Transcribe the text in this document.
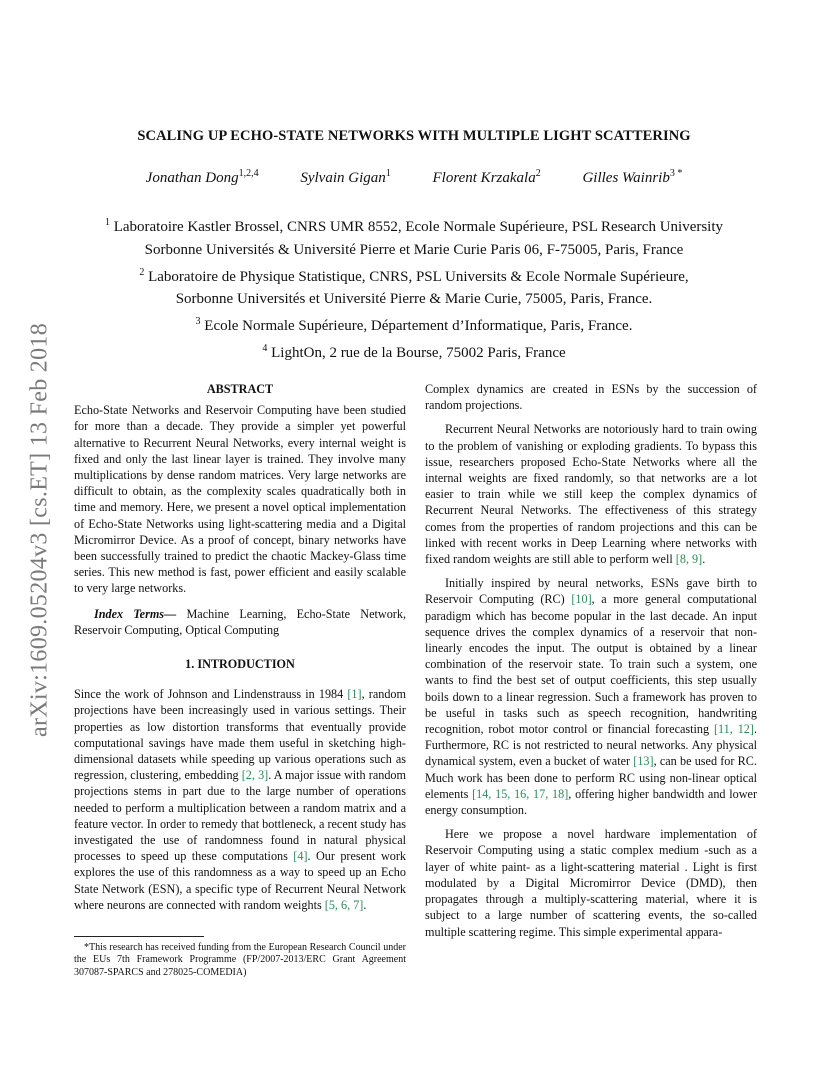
arXiv:1609.05204v3 [cs.ET] 13 Feb 2018
SCALING UP ECHO-STATE NETWORKS WITH MULTIPLE LIGHT SCATTERING
Jonathan Dong$^{1,2,4}$	Sylvain Gigan$^1$	Florent Krzakala$^2$	Gilles Wainrib$^{3 *}$
$^1$ Laboratoire Kastler Brossel, CNRS UMR 8552, Ecole Normale Supérieure, PSL Research University
Sorbonne Universités & Université Pierre et Marie Curie Paris 06, F-75005, Paris, France
$^2$ Laboratoire de Physique Statistique, CNRS, PSL Universits & Ecole Normale Supérieure,
Sorbonne Universités et Université Pierre & Marie Curie, 75005, Paris, France.
$^3$ Ecole Normale Supérieure, Département d’Informatique, Paris, France.
$^4$ LightOn, 2 rue de la Bourse, 75002 Paris, France
ABSTRACT

Echo-State Networks and Reservoir Computing have been studied for more than a decade. They provide a simpler yet powerful alternative to Recurrent Neural Networks, every internal weight is fixed and only the last linear layer is trained. They involve many multiplications by dense random matrices. Very large networks are difficult to obtain, as the complexity scales quadratically both in time and memory. Here, we present a novel optical implementation of Echo-State Networks using light-scattering media and a Digital Micromirror Device. As a proof of concept, binary networks have been successfully trained to predict the chaotic Mackey-Glass time series. This new method is fast, power efficient and easily scalable to very large networks.

Index Terms— Machine Learning, Echo-State Network, Reservoir Computing, Optical Computing

1. INTRODUCTION

Since the work of Johnson and Lindenstrauss in 1984 [1], random projections have been increasingly used in various settings. Their properties as low distortion transforms that eventually provide computational savings have made them useful in sketching high-dimensional datasets while speeding up various operations such as regression, clustering, embedding [2, 3]. A major issue with random projections stems in part due to the large number of operations needed to perform a multiplication between a random matrix and a feature vector. In order to remedy that bottleneck, a recent study has investigated the use of randomness found in natural physical processes to speed up these computations [4]. Our present work explores the use of this randomness as a way to speed up an Echo State Network (ESN), a specific type of Recurrent Neural Network where neurons are connected with random weights [5, 6, 7].

Complex dynamics are created in ESNs by the succession of random projections.

Recurrent Neural Networks are notoriously hard to train owing to the problem of vanishing or exploding gradients. To bypass this issue, researchers proposed Echo-State Networks where all the internal weights are fixed randomly, so that networks are a lot easier to train while we still keep the complex dynamics of Recurrent Neural Networks. The effectiveness of this strategy comes from the properties of random projections and this can be linked with recent works in Deep Learning where networks with fixed random weights are still able to perform well [8, 9].

Initially inspired by neural networks, ESNs gave birth to Reservoir Computing (RC) [10], a more general computational paradigm which has become popular in the last decade. An input sequence drives the complex dynamics of a reservoir that non-linearly encodes the input. The output is obtained by a linear combination of the reservoir state. To train such a system, one wants to find the best set of output coefficients, this step usually boils down to a linear regression. Such a framework has proven to be useful in tasks such as speech recognition, handwriting recognition, robot motor control or financial forecasting [11, 12]. Furthermore, RC is not restricted to neural networks. Any physical dynamical system, even a bucket of water [13], can be used for RC. Much work has been done to perform RC using non-linear optical elements [14, 15, 16, 17, 18], offering higher bandwidth and lower energy consumption.

Here we propose a novel hardware implementation of Reservoir Computing using a static complex medium -such as a layer of white paint- as a light-scattering material . Light is first modulated by a Digital Micromirror Device (DMD), then propagates through a multiply-scattering material, where it is subject to a large number of scattering events, the so-called multiple scattering regime. This simple experimental appara-

*This research has received funding from the European Research Council under the EUs 7th Framework Programme (FP/2007-2013/ERC Grant Agreement 307087-SPARCS and 278025-COMEDIA)
